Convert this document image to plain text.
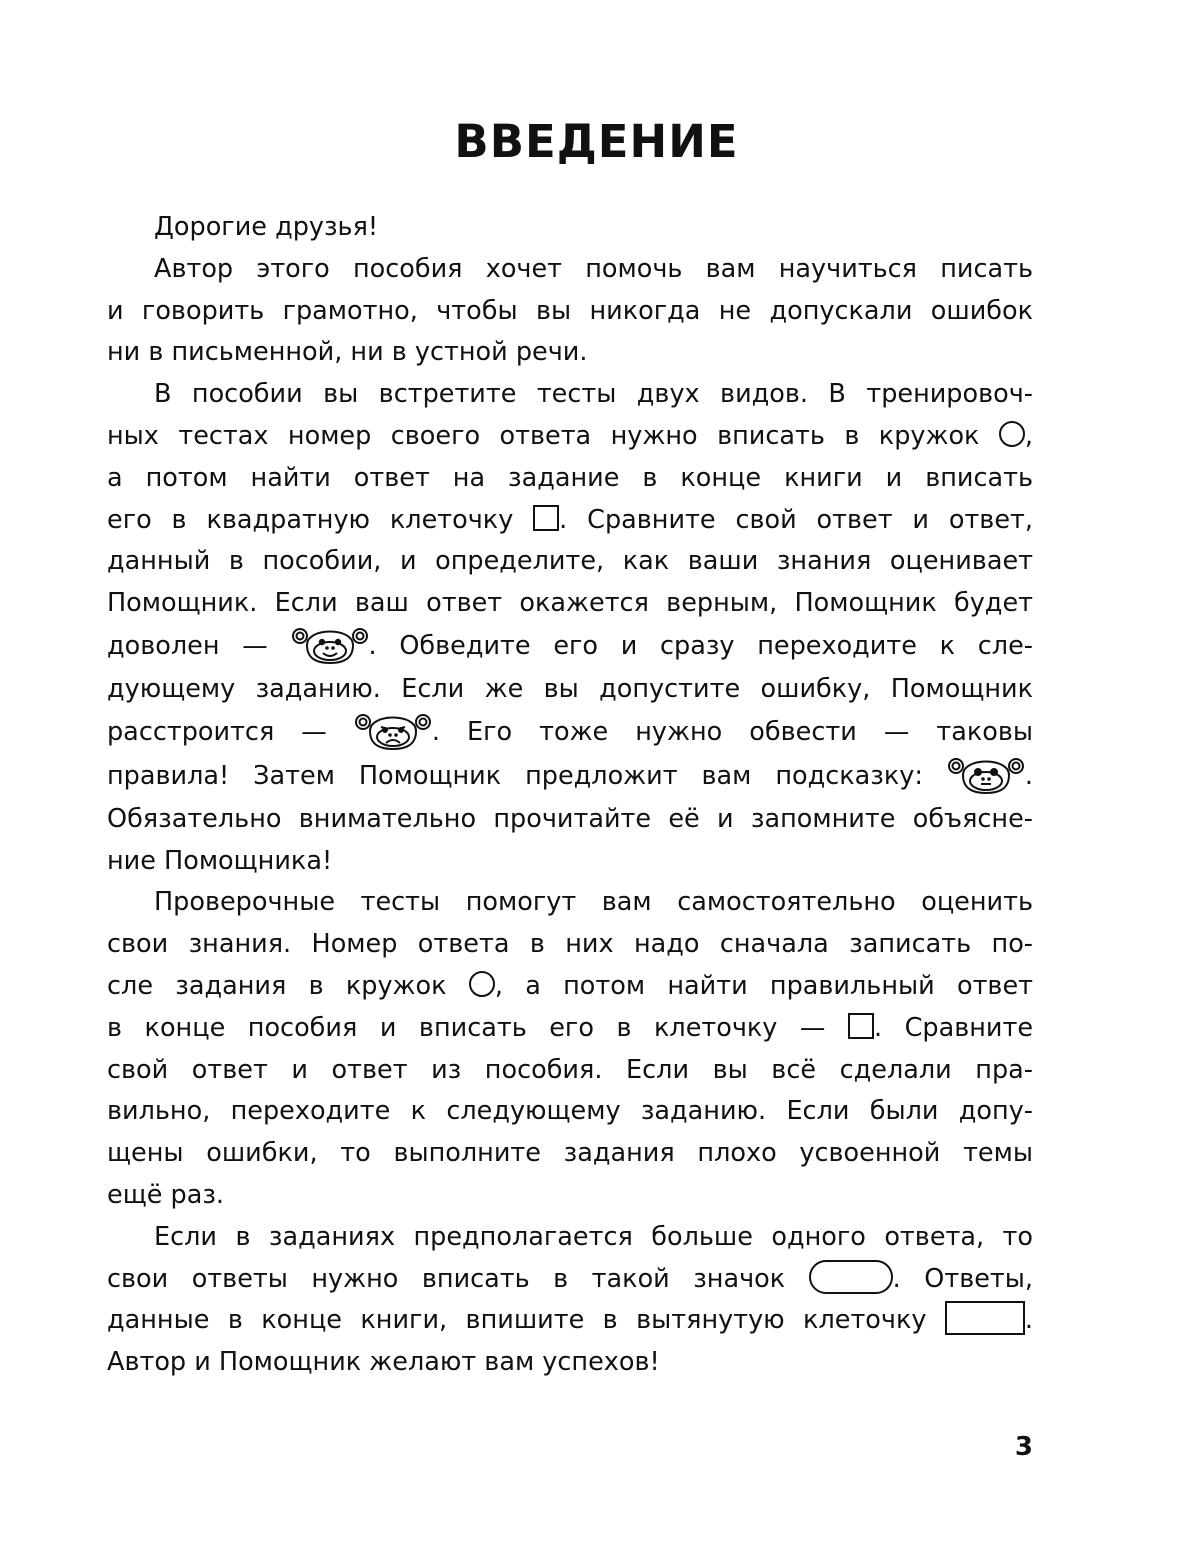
ВВЕДЕНИЕ

Дорогие друзья!

Автор этого пособия хочет помочь вам научиться писать
и говорить грамотно, чтобы вы никогда не допускали ошибок
ни в письменной, ни в устной речи.

В пособии вы встретите тесты двух видов. В тренировоч-
ных тестах номер своего ответа нужно вписать в кружок ,
а потом найти ответ на задание в конце книги и вписать
его в квадратную клеточку . Сравните свой ответ и ответ,
данный в пособии, и определите, как ваши знания оценивает
Помощник. Если ваш ответ окажется верным, Помощник будет
доволен —	. Обведите его и сразу переходите к сле-
дующему заданию. Если же вы допустите ошибку, Помощник
расстроится —	. Его тоже нужно обвести — таковы
правила! Затем Помощник предложит вам подсказку:	.
Обязательно внимательно прочитайте её и запомните объясне-
ние Помощника!

Проверочные тесты помогут вам самостоятельно оценить
свои знания. Номер ответа в них надо сначала записать по-
сле задания в кружок , а потом найти правильный ответ
в конце пособия и вписать его в клеточку — . Сравните
свой ответ и ответ из пособия. Если вы всё сделали пра-
вильно, переходите к следующему заданию. Если были допу-
щены ошибки, то выполните задания плохо усвоенной темы
ещё раз.

Если в заданиях предполагается больше одного ответа, то
свои ответы нужно вписать в такой значок	. Ответы,
данные в конце книги, впишите в вытянутую клеточку	.
Автор и Помощник желают вам успехов!

3
